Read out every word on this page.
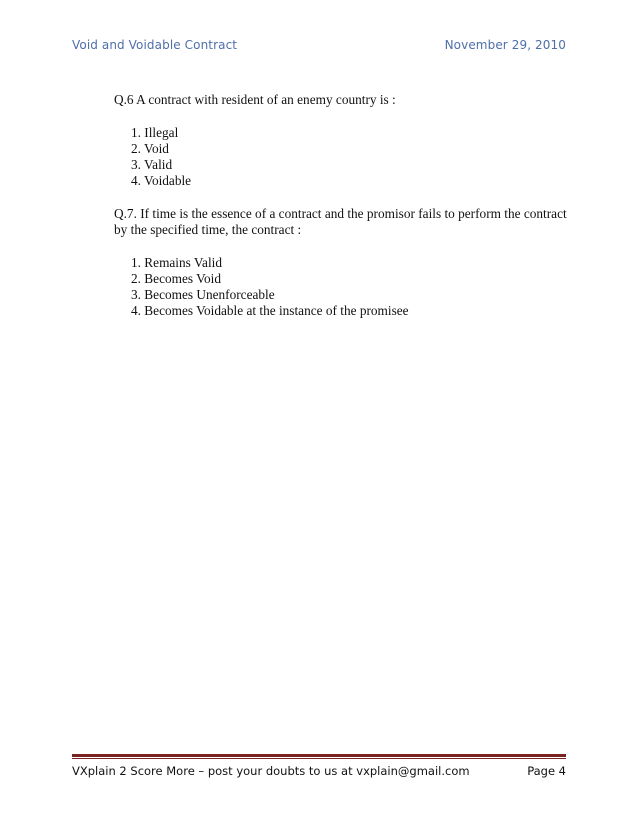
Void and Voidable Contract	November 29, 2010

Q.6 A contract with resident of an enemy country is :

1. Illegal
2. Void
3. Valid
4. Voidable

Q.7. If time is the essence of a contract and the promisor fails to perform the contract by the specified time, the contract :

1. Remains Valid
2. Becomes Void
3. Becomes Unenforceable
4. Becomes Voidable at the instance of the promisee
VXplain 2 Score More – post your doubts to us at vxplain@gmail.com	Page 4
